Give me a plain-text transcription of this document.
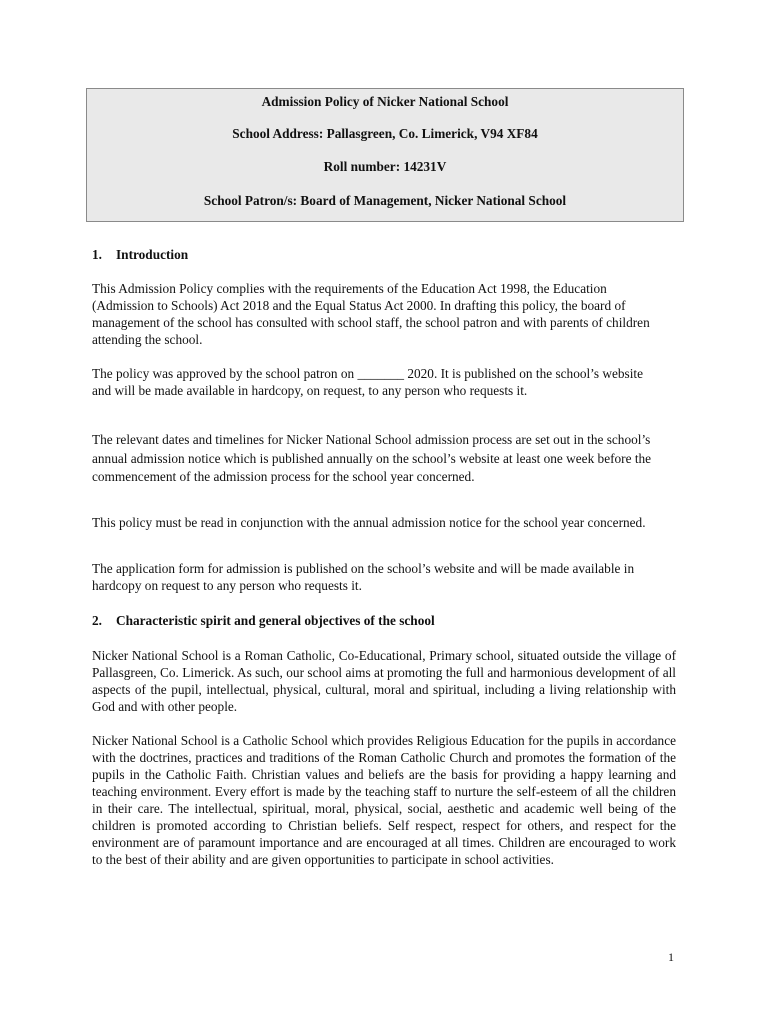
Admission Policy of Nicker National School

School Address: Pallasgreen, Co. Limerick, V94 XF84

Roll number: 14231V

School Patron/s: Board of Management, Nicker National School

1. Introduction

This Admission Policy complies with the requirements of the Education Act 1998, the Education (Admission to Schools) Act 2018 and the Equal Status Act 2000. In drafting this policy, the board of management of the school has consulted with school staff, the school patron and with parents of children attending the school.

The policy was approved by the school patron on _______ 2020. It is published on the school’s website and will be made available in hardcopy, on request, to any person who requests it.

The relevant dates and timelines for Nicker National School admission process are set out in the school’s annual admission notice which is published annually on the school’s website at least one week before the commencement of the admission process for the school year concerned.

This policy must be read in conjunction with the annual admission notice for the school year concerned.

The application form for admission is published on the school’s website and will be made available in hardcopy on request to any person who requests it.

2. Characteristic spirit and general objectives of the school

Nicker National School is a Roman Catholic, Co-Educational, Primary school, situated outside the village of Pallasgreen, Co. Limerick. As such, our school aims at promoting the full and harmonious development of all aspects of the pupil, intellectual, physical, cultural, moral and spiritual, including a living relationship with God and with other people.

Nicker National School is a Catholic School which provides Religious Education for the pupils in accordance with the doctrines, practices and traditions of the Roman Catholic Church and promotes the formation of the pupils in the Catholic Faith. Christian values and beliefs are the basis for providing a happy learning and teaching environment. Every effort is made by the teaching staff to nurture the self-esteem of all the children in their care. The intellectual, spiritual, moral, physical, social, aesthetic and academic well being of the children is promoted according to Christian beliefs. Self respect, respect for others, and respect for the environment are of paramount importance and are encouraged at all times. Children are encouraged to work to the best of their ability and are given opportunities to participate in school activities.

1
